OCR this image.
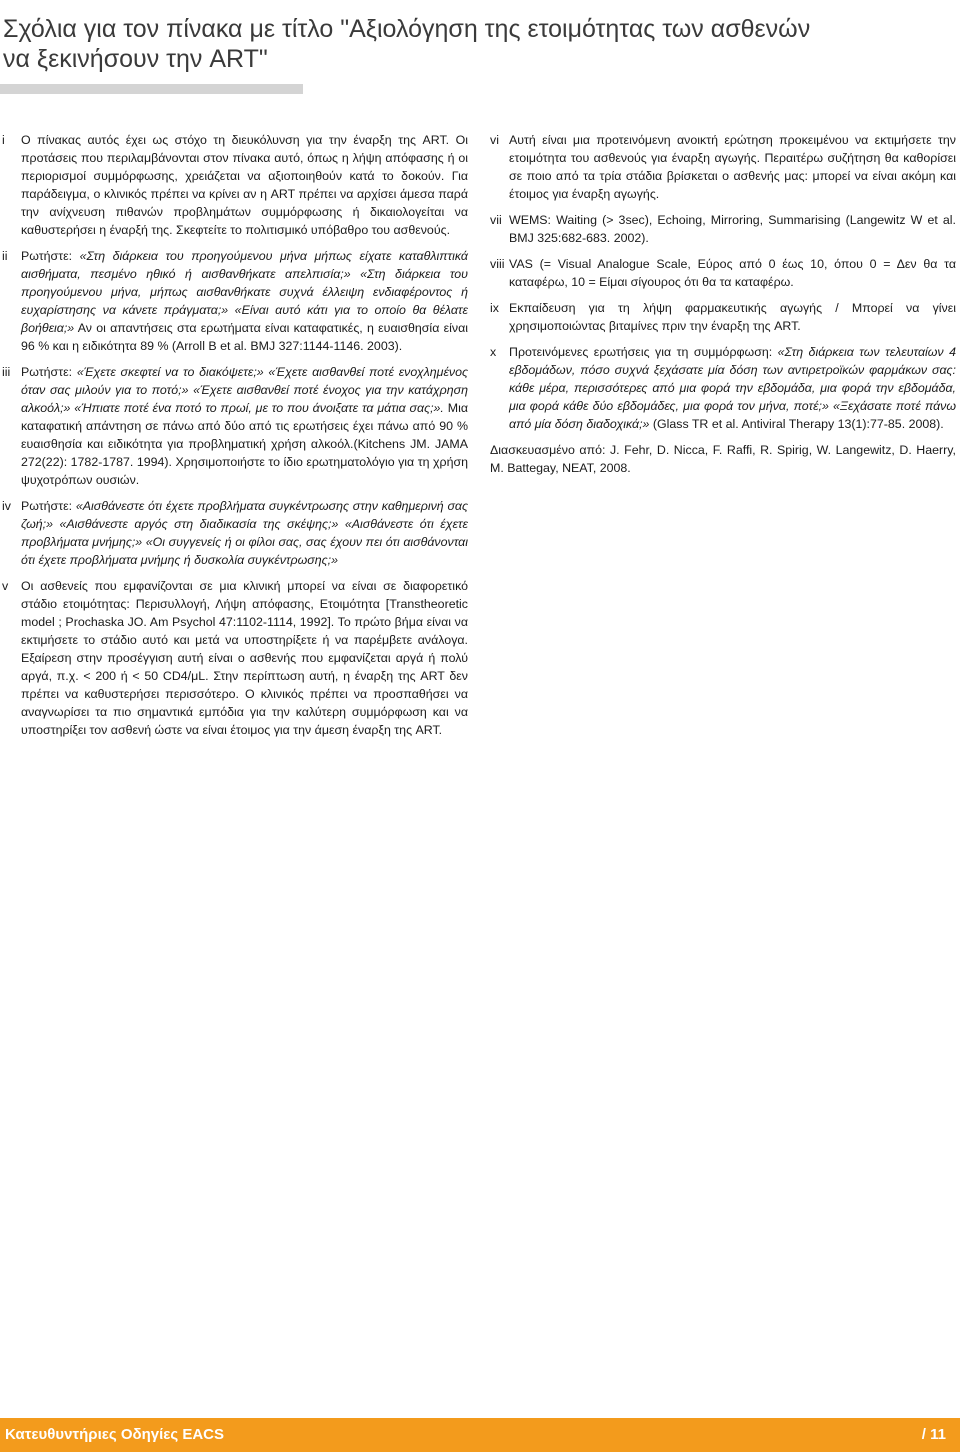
Σχόλια για τον πίνακα με τίτλο "Αξιολόγηση της ετοιμότητας των ασθενών
να ξεκινήσουν την ART"
i	Ο πίνακας αυτός έχει ως στόχο τη διευκόλυνση για την έναρξη της ART. Οι προτάσεις που περιλαμβάνονται στον πίνακα αυτό, όπως η λήψη απόφασης ή οι περιορισμοί συμμόρφωσης, χρειάζεται να αξιοποιηθούν κατά το δοκούν. Για παράδειγμα, ο κλινικός πρέπει να κρίνει αν η ART πρέπει να αρχίσει άμεσα παρά την ανίχνευση πιθανών προβλημάτων συμμόρφωσης ή δικαιολογείται να καθυστερήσει η έναρξή της. Σκεφτείτε το πολιτισμικό υπόβαθρο του ασθενούς.
ii	Ρωτήστε: «Στη διάρκεια του προηγούμενου μήνα μήπως είχατε καταθλιπτικά αισθήματα, πεσμένο ηθικό ή αισθανθήκατε απελπισία;» «Στη διάρκεια του προηγούμενου μήνα, μήπως αισθανθήκατε συχνά έλλειψη ενδιαφέροντος ή ευχαρίστησης να κάνετε πράγματα;» «Είναι αυτό κάτι για το οποίο θα θέλατε βοήθεια;» Αν οι απαντήσεις στα ερωτήματα είναι καταφατικές, η ευαισθησία είναι 96 % και η ειδικότητα 89 % (Arroll B et al. BMJ 327:1144-1146. 2003).
iii Ρωτήστε: «Έχετε σκεφτεί να το διακόψετε;» «Έχετε αισθανθεί ποτέ ενοχλημένος όταν σας μιλούν για το ποτό;» «Έχετε αισθανθεί ποτέ ένοχος για την κατάχρηση αλκοόλ;» «Ήπιατε ποτέ ένα ποτό το πρωί, με το που άνοιξατε τα μάτια σας;». Μια καταφατική απάντηση σε πάνω από δύο από τις ερωτήσεις έχει πάνω από 90 % ευαισθησία και ειδικότητα για προβληματική χρήση αλκοόλ.(Kitchens JM. JAMA 272(22): 1782-1787. 1994). Χρησιμοποιήστε το ίδιο ερωτηματολόγιο για τη χρήση ψυχοτρόπων ουσιών.
iv Ρωτήστε: «Αισθάνεστε ότι έχετε προβλήματα συγκέντρωσης στην καθημερινή σας ζωή;» «Αισθάνεστε αργός στη διαδικασία της σκέψης;» «Αισθάνεστε ότι έχετε προβλήματα μνήμης;» «Οι συγγενείς ή οι φίλοι σας, σας έχουν πει ότι αισθάνονται ότι έχετε προβλήματα μνήμης ή δυσκολία συγκέντρωσης;»
v	Οι ασθενείς που εμφανίζονται σε μια κλινική μπορεί να είναι σε διαφορετικό στάδιο ετοιμότητας: Περισυλλογή, Λήψη απόφασης, Ετοιμότητα [Transtheoretic model ; Prochaska JO. Am Psychol 47:1102-1114, 1992]. Το πρώτο βήμα είναι να εκτιμήσετε το στάδιο αυτό και μετά να υποστηρίξετε ή να παρέμβετε ανάλογα. Εξαίρεση στην προσέγγιση αυτή είναι ο ασθενής που εμφανίζεται αργά ή πολύ αργά, π.χ. < 200 ή < 50 CD4/μL. Στην περίπτωση αυτή, η έναρξη της ART δεν πρέπει να καθυστερήσει περισσότερο. Ο κλινικός πρέπει να προσπαθήσει να αναγνωρίσει τα πιο σημαντικά εμπόδια για την καλύτερη συμμόρφωση και να υποστηρίξει τον ασθενή ώστε να είναι έτοιμος για την άμεση έναρξη της ART.
vi Αυτή είναι μια προτεινόμενη ανοικτή ερώτηση προκειμένου να εκτιμήσετε την ετοιμότητα του ασθενούς για έναρξη αγωγής. Περαιτέρω συζήτηση θα καθορίσει σε ποιο από τα τρία στάδια βρίσκεται ο ασθενής μας: μπορεί να είναι ακόμη και έτοιμος για έναρξη αγωγής.
vii WEMS: Waiting (> 3sec), Echoing, Mirroring, Summarising (Langewitz W et al. BMJ 325:682-683. 2002).
viii VAS (= Visual Analogue Scale, Εύρος από 0 έως 10, όπου 0 = Δεν θα τα καταφέρω, 10 = Είμαι σίγουρος ότι θα τα καταφέρω.
ix Εκπαίδευση για τη λήψη φαρμακευτικής αγωγής / Μπορεί να γίνει χρησιμοποιώντας βιταμίνες πριν την έναρξη της ART.
x	Προτεινόμενες ερωτήσεις για τη συμμόρφωση: «Στη διάρκεια των τελευταίων 4 εβδομάδων, πόσο συχνά ξεχάσατε μία δόση των αντιρετροϊκών φαρμάκων σας: κάθε μέρα, περισσότερες από μια φορά την εβδομάδα, μια φορά την εβδομάδα, μια φορά κάθε δύο εβδομάδες, μια φορά τον μήνα, ποτέ;» «Ξεχάσατε ποτέ πάνω από μία δόση διαδοχικά;» (Glass TR et al. Antiviral Therapy 13(1):77-85. 2008).

Διασκευασμένο από: J. Fehr, D. Nicca, F. Raffi, R. Spirig, W. Langewitz, D. Haerry, M. Battegay, NEAT, 2008.

Κατευθυντήριες Οδηγίες EACS	/ 11
